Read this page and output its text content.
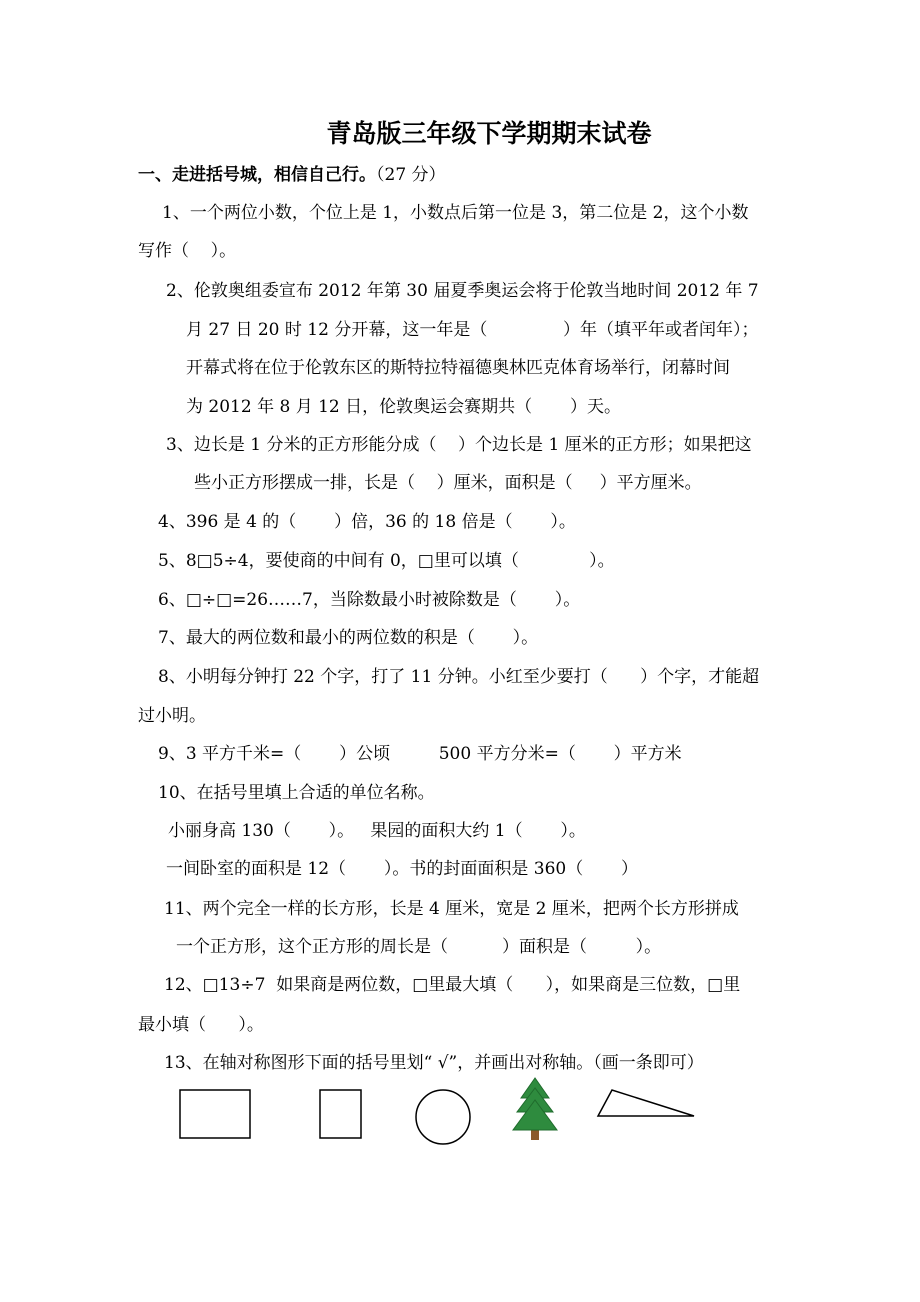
青岛版三年级下学期期末试卷
一、走进括号城，相信自己行。（27 分）
1、一个两位小数，个位上是 1，小数点后第一位是 3，第二位是 2，这个小数
写作（    ）。
2、伦敦奥组委宣布 2012 年第 30 届夏季奥运会将于伦敦当地时间 2012 年 7
月 27 日 20 时 12 分开幕，这一年是（              ）年（填平年或者闰年）；
开幕式将在位于伦敦东区的斯特拉特福德奥林匹克体育场举行，闭幕时间
为 2012 年 8 月 12 日，伦敦奥运会赛期共（       ）天。
3、边长是 1 分米的正方形能分成（    ）个边长是 1 厘米的正方形；如果把这
些小正方形摆成一排，长是（    ）厘米，面积是（     ）平方厘米。
4、396 是 4 的（       ）倍，36 的 18 倍是（       ）。
5、8□5÷4，要使商的中间有 0，□里可以填（             ）。
6、□÷□=26……7，当除数最小时被除数是（       ）。
7、最大的两位数和最小的两位数的积是（       ）。
8、小明每分钟打 22 个字，打了 11 分钟。小红至少要打（      ）个字，才能超
过小明。
9、3 平方千米=（       ）公顷         500 平方分米=（       ）平方米
10、在括号里填上合适的单位名称。
小丽身高 130（       ）。   果园的面积大约 1（       ）。
一间卧室的面积是 12（       ）。书的封面面积是 360（       ）
11、两个完全一样的长方形，长是 4 厘米，宽是 2 厘米，把两个长方形拼成
一个正方形，这个正方形的周长是（          ）面积是（         ）。
12、□13÷7  如果商是两位数，□里最大填（      ），如果商是三位数，□里
最小填（      ）。
13、在轴对称图形下面的括号里划“ √”，并画出对称轴。（画一条即可）
